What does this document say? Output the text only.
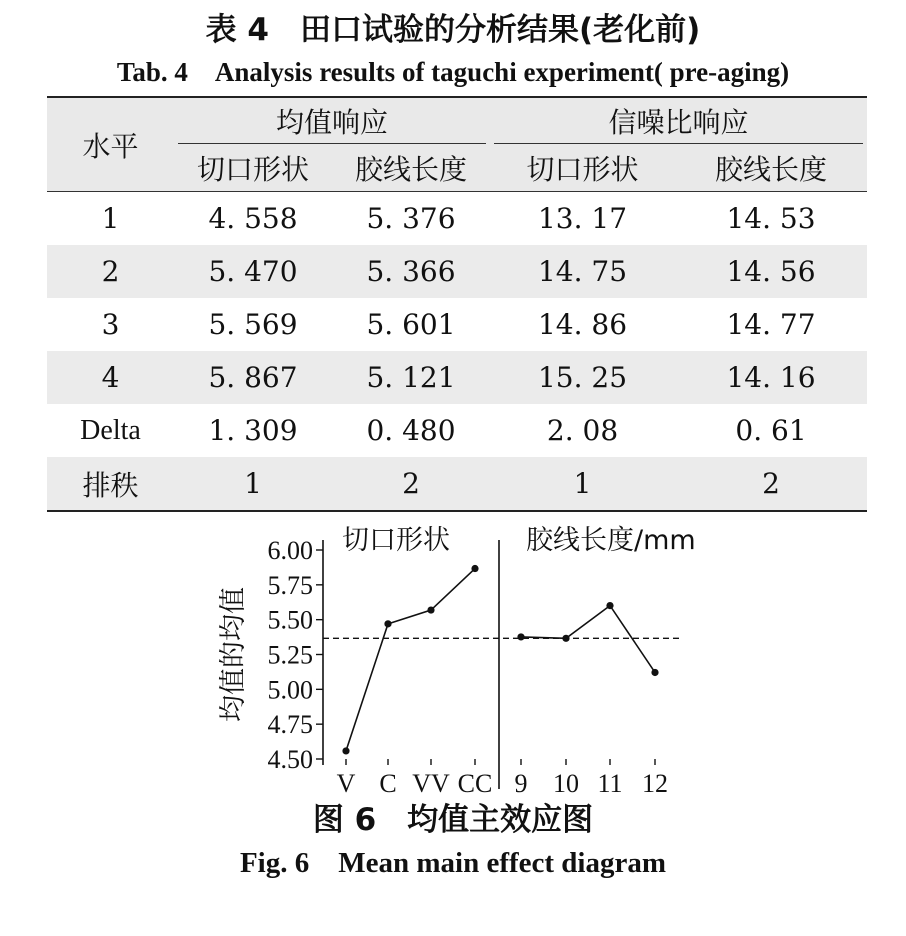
表 4　田口试验的分析结果(老化前)
Tab. 4　Analysis results of taguchi experiment( pre-aging)
水平	均值响应		信噪比响应	

	切口形状	胶线长度	切口形状	胶线长度
1	4. 558	5. 376	13. 17	14. 53
2	5. 470	5. 366	14. 75	14. 56
3	5. 569	5. 601	14. 86	14. 77
4	5. 867	5. 121	15. 25	14. 16
Delta	1. 309	0. 480	2. 08	0. 61
排秩	1	2	1	2
6.00
5.75
5.50
5.25
5.00
4.75
4.50
均值的均值
切口形状
V C VV CC
胶线长度/mm
9 10 11 12
图 6　均值主效应图
Fig. 6　Mean main effect diagram
